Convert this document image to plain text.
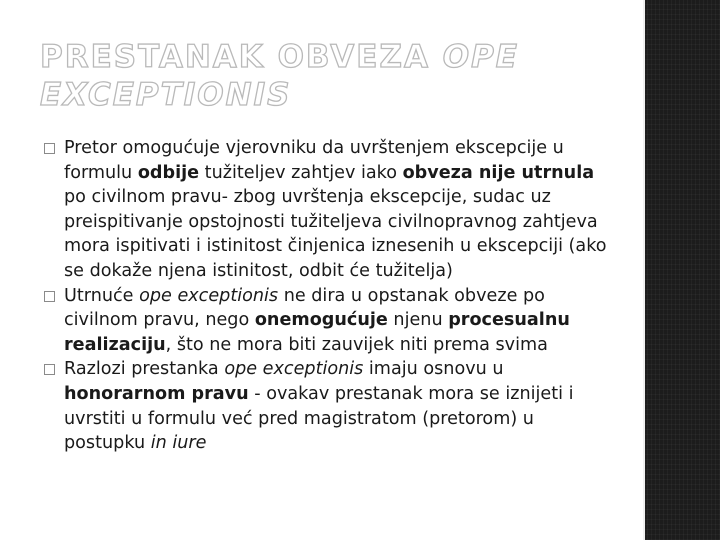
PRESTANAK OBVEZA OPE EXCEPTIONIS

Pretor omogućuje vjerovniku da uvrštenjem ekscepcije u formulu odbije tužiteljev zahtjev iako obveza nije utrnula po civilnom pravu- zbog uvrštenja ekscepcije, sudac uz preispitivanje opstojnosti tužiteljeva civilnopravnog zahtjeva mora ispitivati i istinitost činjenica iznesenih u ekscepciji (ako se dokaže njena istinitost, odbit će tužitelja)

Utrnuće ope exceptionis ne dira u opstanak obveze po civilnom pravu, nego onemogućuje njenu procesualnu realizaciju, što ne mora biti zauvijek niti prema svima

Razlozi prestanka ope exceptionis imaju osnovu u honorarnom pravu - ovakav prestanak mora se iznijeti i uvrstiti u formulu već pred magistratom (pretorom) u postupku in iure
